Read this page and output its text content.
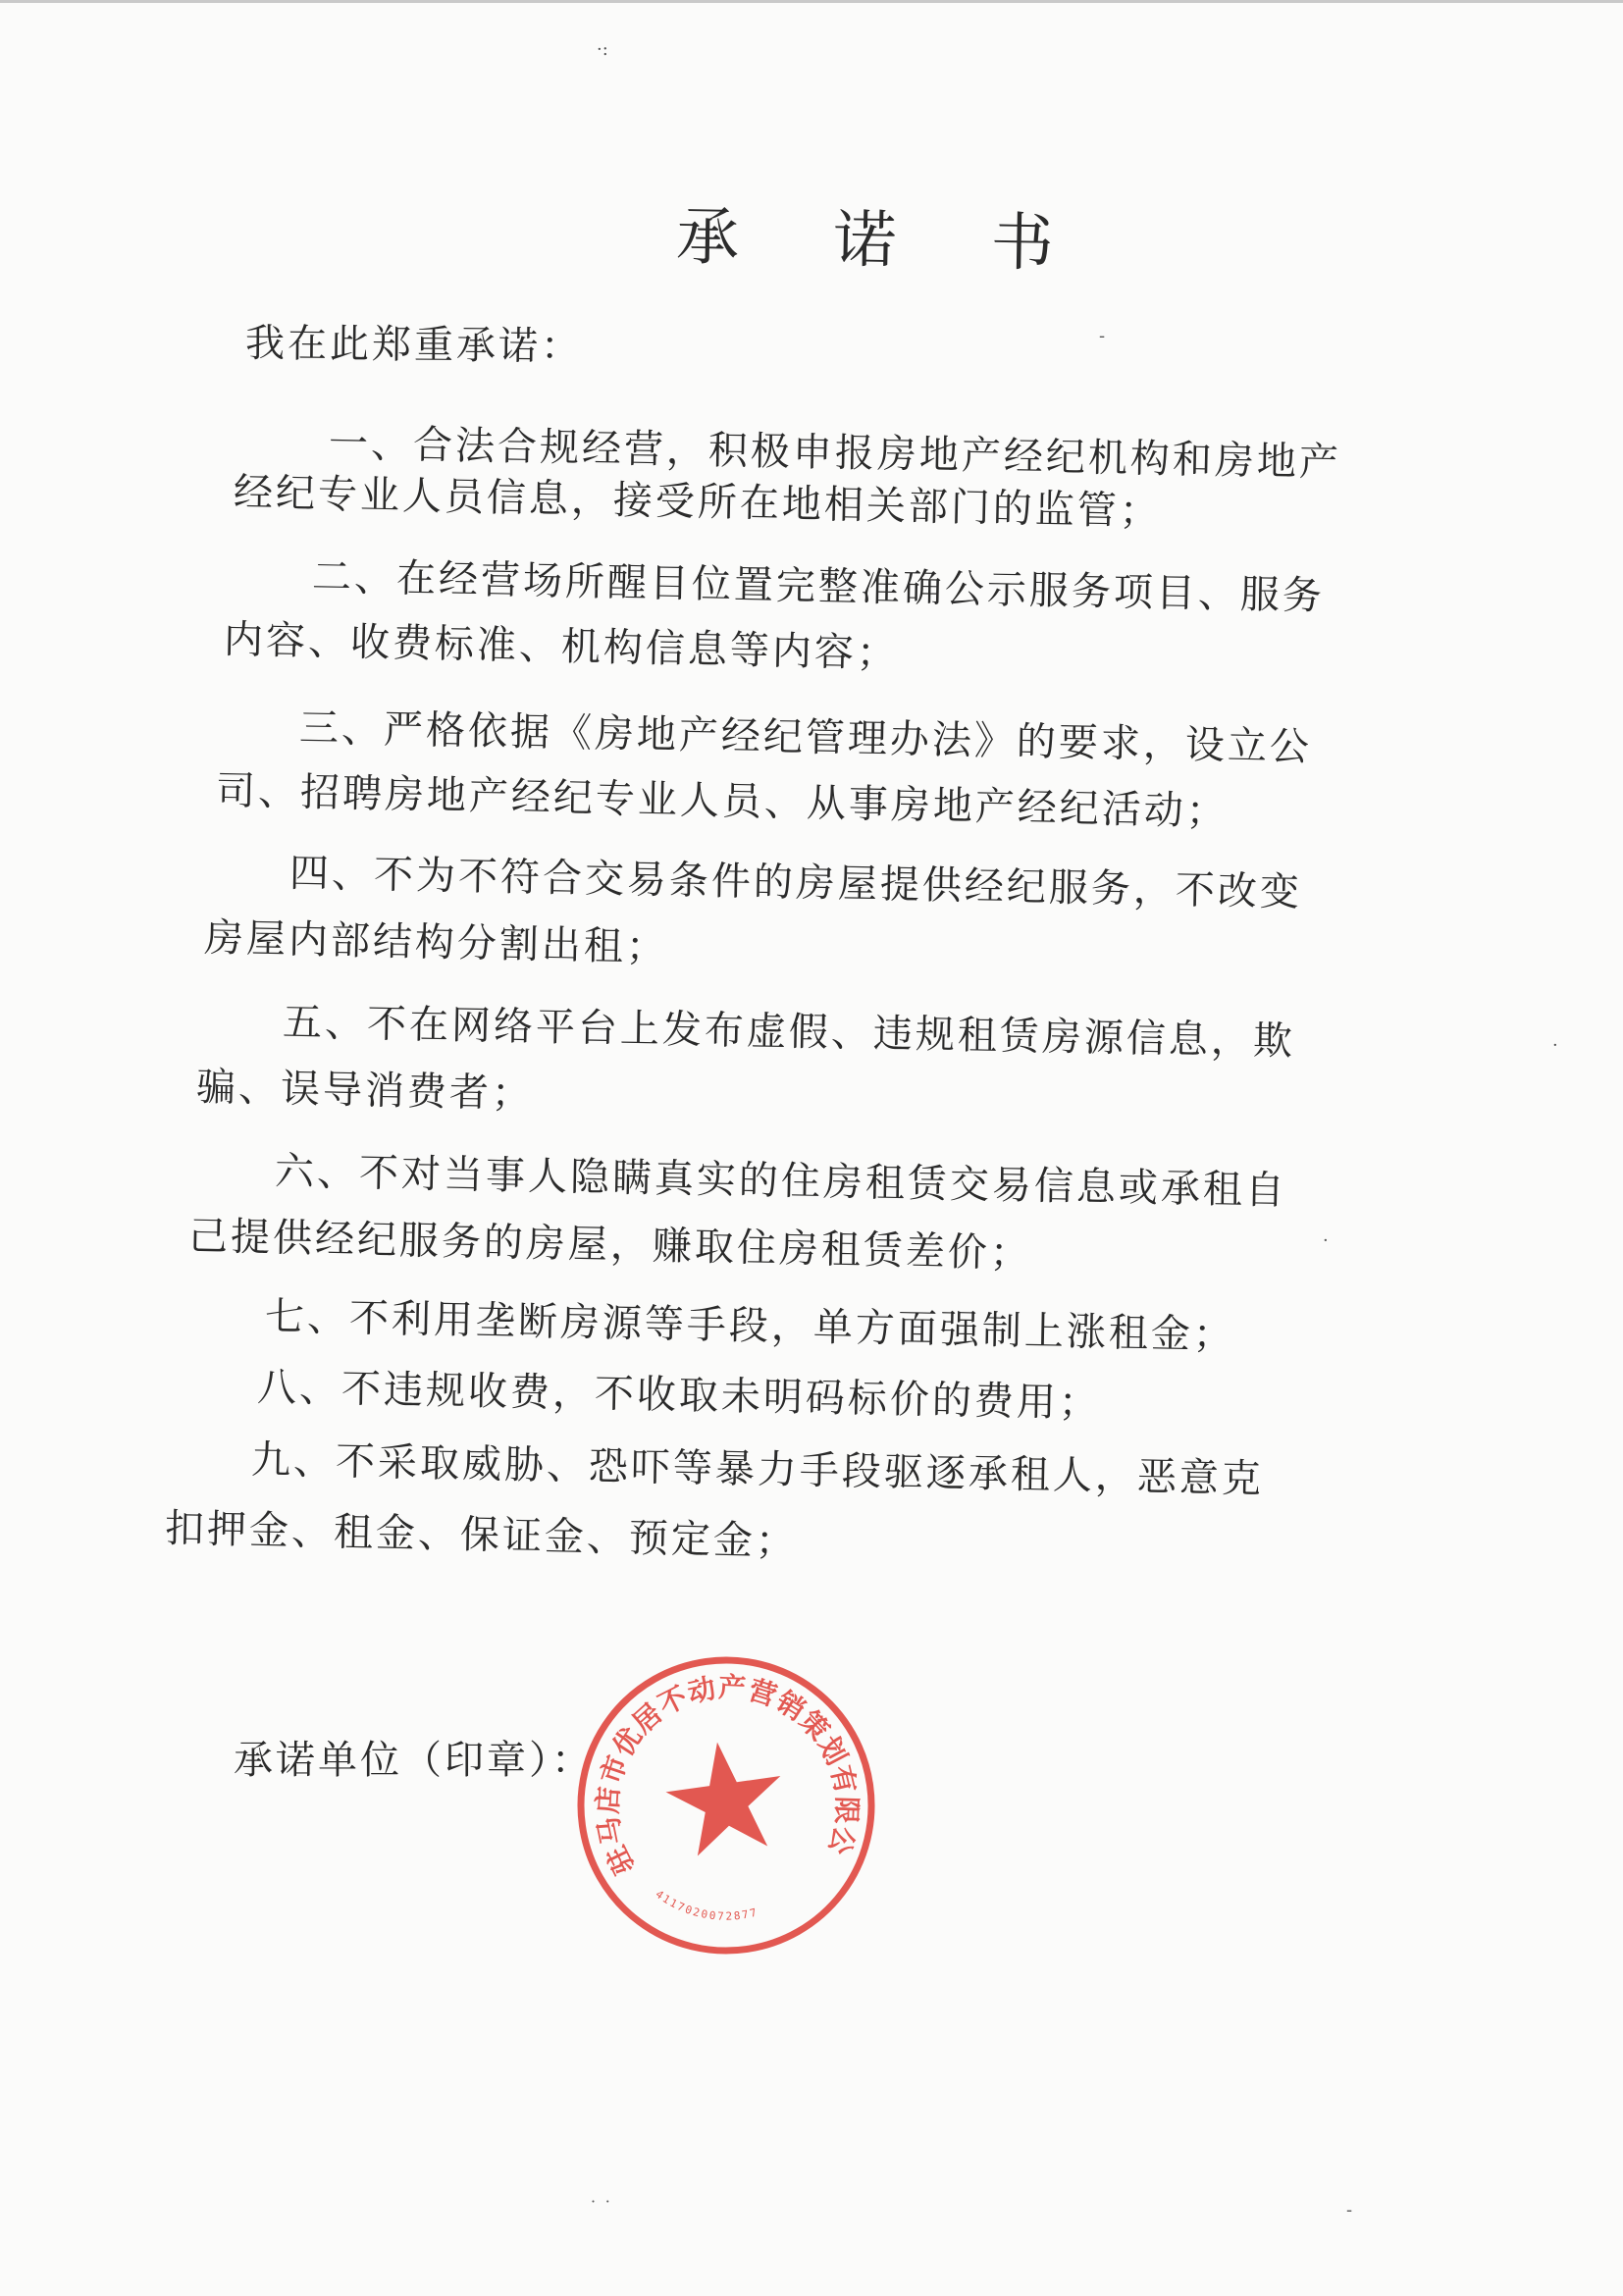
承 诺 书
我在此郑重承诺：
一、合法合规经营，积极申报房地产经纪机构和房地产
经纪专业人员信息，接受所在地相关部门的监管；
二、在经营场所醒目位置完整准确公示服务项目、服务
内容、收费标准、机构信息等内容；
三、严格依据《房地产经纪管理办法》的要求，设立公
司、招聘房地产经纪专业人员、从事房地产经纪活动；
四、不为不符合交易条件的房屋提供经纪服务，不改变
房屋内部结构分割出租；
五、不在网络平台上发布虚假、违规租赁房源信息，欺
骗、误导消费者；
六、不对当事人隐瞒真实的住房租赁交易信息或承租自
己提供经纪服务的房屋，赚取住房租赁差价；
七、不利用垄断房源等手段，单方面强制上涨租金；
八、不违规收费，不收取未明码标价的费用；
九、不采取威胁、恐吓等暴力手段驱逐承租人，恶意克
扣押金、租金、保证金、预定金；
承诺单位（印章）：
驻马店市优居不动产营销策划有限公司
4117020072877
·:
-
·
·
˙ ˙	-
